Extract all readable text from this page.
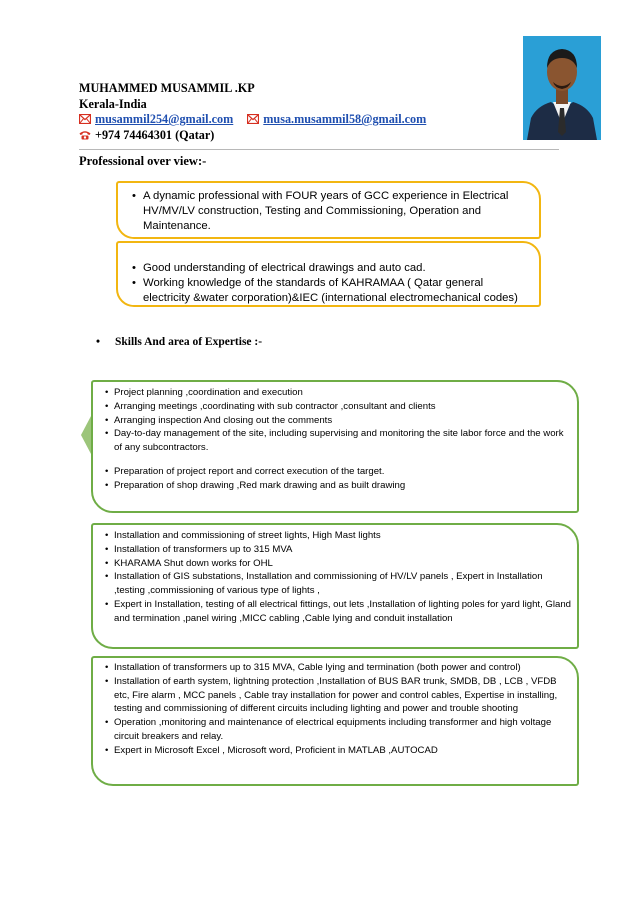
MUHAMMED MUSAMMIL .KP
Kerala-India
musammil254@gmail.com musa.musammil58@gmail.com
+974 74464301 (Qatar)
Professional over view:-
• A dynamic professional with FOUR years of GCC experience in Electrical HV/MV/LV construction, Testing and Commissioning, Operation and Maintenance.
• Good understanding of electrical drawings and auto cad.
• Working knowledge of the standards of KAHRAMAA ( Qatar general electricity &water corporation)&IEC (international electromechanical codes)
• Skills And area of Expertise :-
• Project planning ,coordination and execution
• Arranging meetings ,coordinating with sub contractor ,consultant and clients
• Arranging inspection And closing out the comments
• Day-to-day management of the site, including supervising and monitoring the site labor force and the work of any subcontractors.
• Preparation of project report and correct execution of the target.
• Preparation of shop drawing ,Red mark drawing and as built drawing
• Installation and commissioning of street lights, High Mast lights
• Installation of transformers up to 315 MVA
• KHARAMA Shut down works for OHL
• Installation of GIS substations, Installation and commissioning of HV/LV panels , Expert in Installation ,testing ,commissioning of various type of lights ,
• Expert in Installation, testing of all electrical fittings, out lets ,Installation of lighting poles for yard light, Gland and termination ,panel wiring ,MICC cabling ,Cable lying and conduit installation
• Installation of transformers up to 315 MVA, Cable lying and termination (both power and control)
• Installation of earth system, lightning protection ,Installation of BUS BAR trunk, SMDB, DB , LCB , VFDB etc, Fire alarm , MCC panels , Cable tray installation for power and control cables, Expertise in installing, testing and commissioning of different circuits including lighting and power and trouble shooting
• Operation ,monitoring and maintenance of electrical equipments including transformer and high voltage circuit breakers and relay.
• Expert in Microsoft Excel , Microsoft word, Proficient in MATLAB ,AUTOCAD
